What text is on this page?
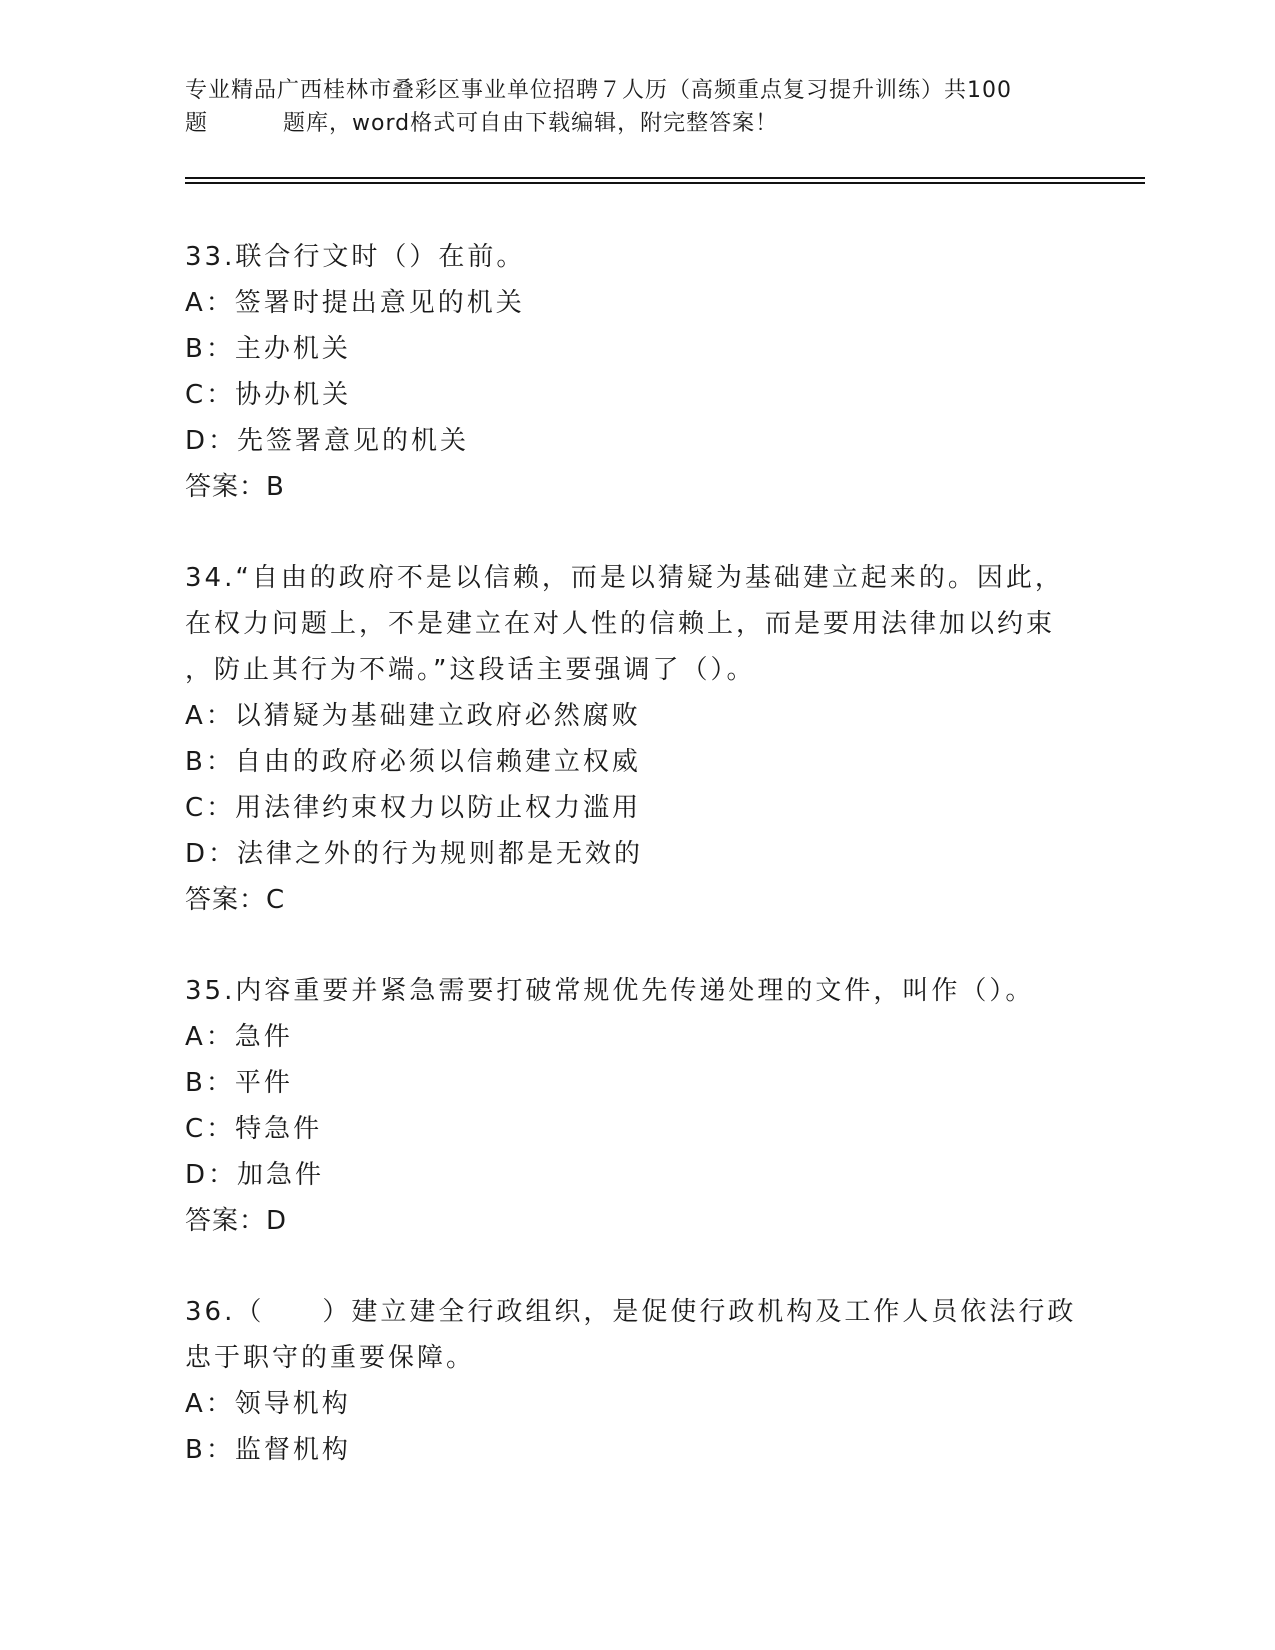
专业精品广西桂林市叠彩区事业单位招聘７人历（高频重点复习提升训练）共100
题	题库，word格式可自由下载编辑，附完整答案！
33.联合行文时（）在前。
A：签署时提出意见的机关
B：主办机关
C：协办机关
D：先签署意见的机关
答案：B
34.“自由的政府不是以信赖，而是以猜疑为基础建立起来的。因此，
在权力问题上，不是建立在对人性的信赖上，而是要用法律加以约束
，防止其行为不端。”这段话主要强调了（）。
A：以猜疑为基础建立政府必然腐败
B：自由的政府必须以信赖建立权威
C：用法律约束权力以防止权力滥用
D：法律之外的行为规则都是无效的
答案：C
35.内容重要并紧急需要打破常规优先传递处理的文件，叫作（）。
A：急件
B：平件
C：特急件
D：加急件
答案：D
36.（　　）建立建全行政组织，是促使行政机构及工作人员依法行政
忠于职守的重要保障。
A：领导机构
B：监督机构
